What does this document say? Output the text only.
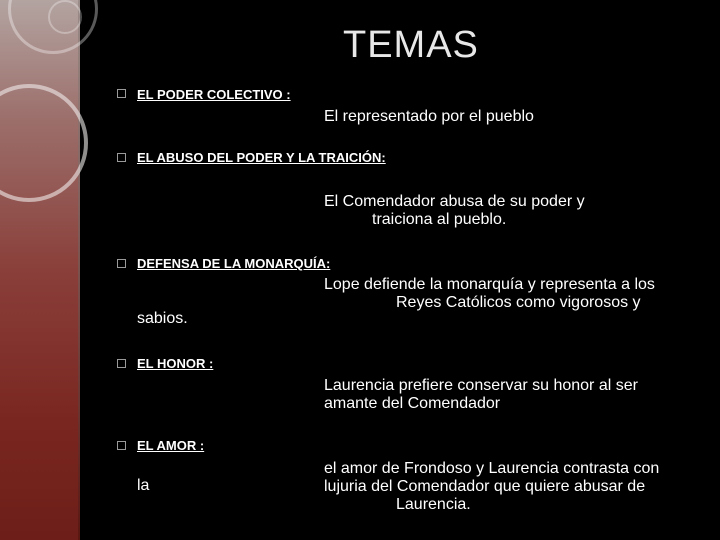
TEMAS
EL PODER COLECTIVO :
El representado por el pueblo
EL ABUSO DEL PODER Y LA TRAICIÓN:
El Comendador abusa de su poder y
traiciona al pueblo.
DEFENSA DE LA MONARQUÍA:
Lope defiende la monarquía y representa a los
Reyes Católicos como vigorosos y
sabios.
EL HONOR :
Laurencia prefiere conservar su honor al ser
amante del Comendador
EL AMOR :
el amor de Frondoso y Laurencia contrasta con
lujuria del Comendador que quiere abusar de
Laurencia.
la
